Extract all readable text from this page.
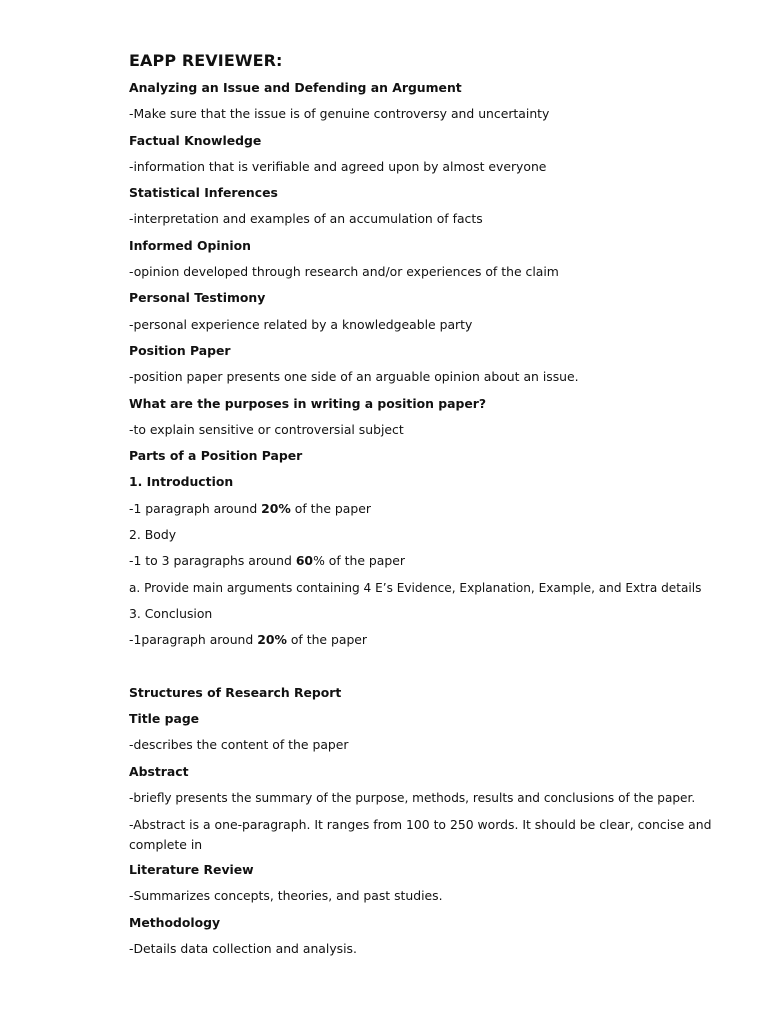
EAPP REVIEWER:
Analyzing an Issue and Defending an Argument
-Make sure that the issue is of genuine controversy and uncertainty
Factual Knowledge
-information that is verifiable and agreed upon by almost everyone
Statistical Inferences
-interpretation and examples of an accumulation of facts
Informed Opinion
-opinion developed through research and/or experiences of the claim
Personal Testimony
-personal experience related by a knowledgeable party
Position Paper
-position paper presents one side of an arguable opinion about an issue.
What are the purposes in writing a position paper?
-to explain sensitive or controversial subject
Parts of a Position Paper
1. Introduction
-1 paragraph around 20% of the paper
2. Body
-1 to 3 paragraphs around 60% of the paper
a. Provide main arguments containing 4 E’s Evidence, Explanation, Example, and Extra details
3. Conclusion
-1paragraph around 20% of the paper
Structures of Research Report
Title page
-describes the content of the paper
Abstract
-briefly presents the summary of the purpose, methods, results and conclusions of the paper.
-Abstract is a one-paragraph. It ranges from 100 to 250 words. It should be clear, concise and complete in
Literature Review
-Summarizes concepts, theories, and past studies.
Methodology
-Details data collection and analysis.
